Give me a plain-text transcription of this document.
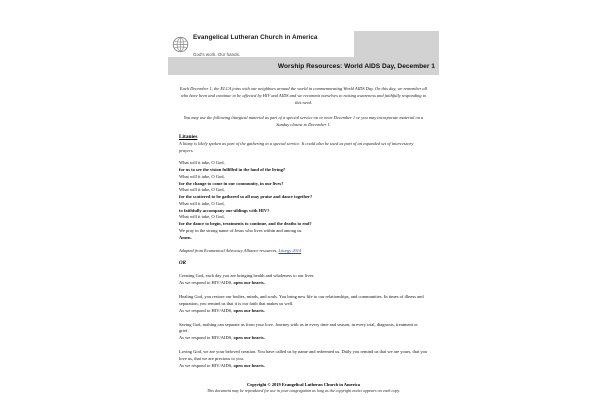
Evangelical Lutheran Church in America God's work. Our hands.
Worship Resources: World AIDS Day, December 1

Each December 1, the ELCA joins with our neighbors around the world in commemorating World AIDS Day. On this day, we remember all who have been and continue to be affected by HIV and AIDS and we recommit ourselves to raising awareness and faithfully responding to this need.

You may use the following liturgical material as part of a special service on or near December 1 or you may incorporate material on a Sunday closest to December 1.

Litanies

A litany is likely spoken as part of the gathering in a special service. It could also be used as part of an expanded set of intercessory prayers.

What will it take, O God,

for us to see the vision fulfilled in the land of the living?

What will it take, O God,

for the change to come in our community, in our lives?

What will it take, O God,

for the scattered to be gathered so all may praise and dance together?

What will it take, O God,

to faithfully accompany our siblings with HIV?

What will it take, O God,

for the dance to begin, treatments to continue, and the deaths to end?

We pray in the strong name of Jesus who lives within and among us.

Amen.

Adapted from Ecumenical Advocacy Alliance resources, Liturgy 2014

OR

Creating God, each day you are bringing health and wholeness to our lives.

As we respond to HIV/AIDS, open our hearts.

Healing God, you restore our bodies, minds, and souls. You bring new life to our relationships, and communities. In times of illness and separation, you remind us that it is our faith that makes us well.

As we respond to HIV/AIDS, open our hearts.

Saving God, nothing can separate us from your love. Journey with us in every time and season, in every trial, diagnosis, treatment or grief.

As we respond to HIV/AIDS, open our hearts.

Loving God, we are your beloved creation. You have called us by name and redeemed us. Daily you remind us that we are yours, that you love us, that we are precious to you.

As we respond to HIV/AIDS, open our hearts.

Copyright © 2019 Evangelical Lutheran Church in America

This document may be reproduced for use in your congregation as long as the copyright notice appears on each copy.
